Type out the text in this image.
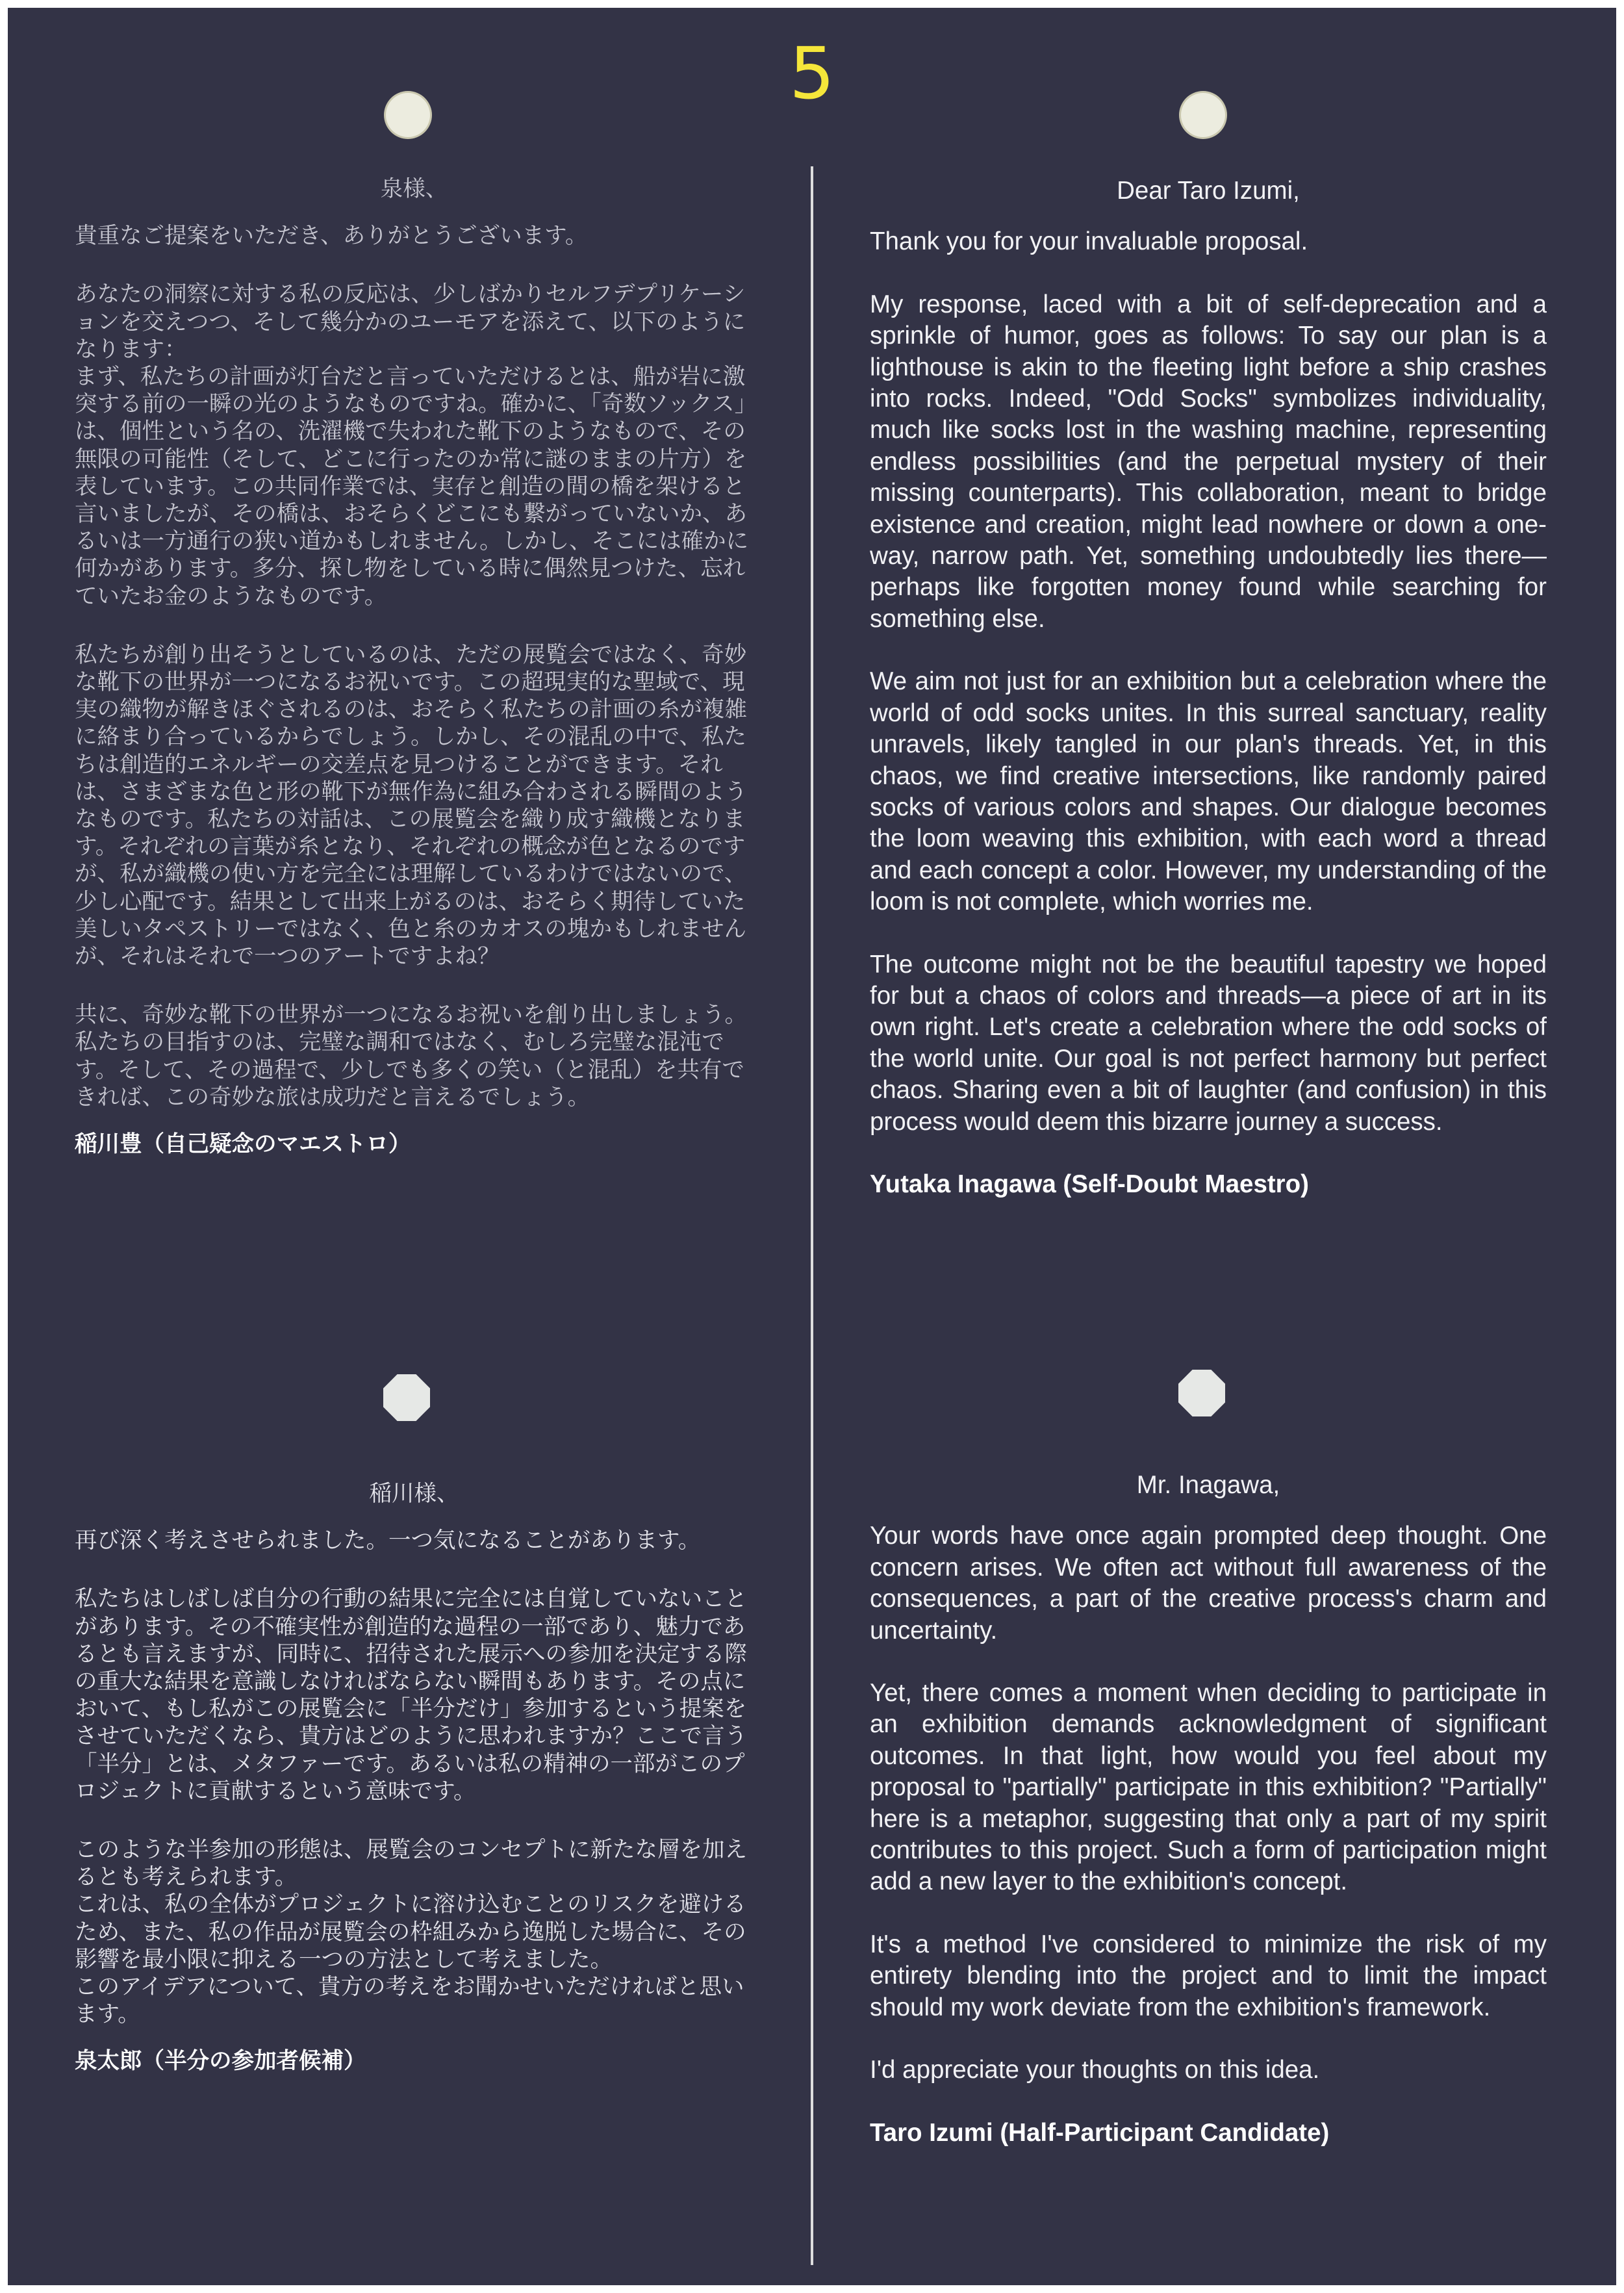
5

泉様、

貴重なご提案をいただき、ありがとうございます。

あなたの洞察に対する私の反応は、少しばかりセルフデプリケーションを交えつつ、そして幾分かのユーモアを添えて、以下のようになります：
まず、私たちの計画が灯台だと言っていただけるとは、船が岩に激突する前の一瞬の光のようなものですね。確かに、「奇数ソックス」は、個性という名の、洗濯機で失われた靴下のようなもので、その無限の可能性（そして、どこに行ったのか常に謎のままの片方）を表しています。この共同作業では、実存と創造の間の橋を架けると言いましたが、その橋は、おそらくどこにも繋がっていないか、あるいは一方通行の狭い道かもしれません。しかし、そこには確かに何かがあります。多分、探し物をしている時に偶然見つけた、忘れていたお金のようなものです。

私たちが創り出そうとしているのは、ただの展覧会ではなく、奇妙な靴下の世界が一つになるお祝いです。この超現実的な聖域で、現実の織物が解きほぐされるのは、おそらく私たちの計画の糸が複雑に絡まり合っているからでしょう。しかし、その混乱の中で、私たちは創造的エネルギーの交差点を見つけることができます。それは、さまざまな色と形の靴下が無作為に組み合わされる瞬間のようなものです。私たちの対話は、この展覧会を織り成す織機となります。それぞれの言葉が糸となり、それぞれの概念が色となるのですが、私が織機の使い方を完全には理解しているわけではないので、少し心配です。結果として出来上がるのは、おそらく期待していた美しいタペストリーではなく、色と糸のカオスの塊かもしれませんが、それはそれで一つのアートですよね？

共に、奇妙な靴下の世界が一つになるお祝いを創り出しましょう。私たちの目指すのは、完璧な調和ではなく、むしろ完璧な混沌です。そして、その過程で、少しでも多くの笑い（と混乱）を共有できれば、この奇妙な旅は成功だと言えるでしょう。

稲川豊（自己疑念のマエストロ）

Dear Taro Izumi,

Thank you for your invaluable proposal.

My response, laced with a bit of self-deprecation and a sprinkle of humor, goes as follows: To say our plan is a lighthouse is akin to the fleeting light before a ship crashes into rocks. Indeed, "Odd Socks" symbolizes individuality, much like socks lost in the washing machine, representing endless possibilities (and the perpetual mystery of their missing counterparts). This collaboration, meant to bridge existence and creation, might lead nowhere or down a one-way, narrow path. Yet, something undoubtedly lies there—perhaps like forgotten money found while searching for something else.

We aim not just for an exhibition but a celebration where the world of odd socks unites. In this surreal sanctuary, reality unravels, likely tangled in our plan's threads. Yet, in this chaos, we find creative intersections, like randomly paired socks of various colors and shapes. Our dialogue becomes the loom weaving this exhibition, with each word a thread and each concept a color. However, my understanding of the loom is not complete, which worries me.

The outcome might not be the beautiful tapestry we hoped for but a chaos of colors and threads—a piece of art in its own right. Let's create a celebration where the odd socks of the world unite. Our goal is not perfect harmony but perfect chaos. Sharing even a bit of laughter (and confusion) in this process would deem this bizarre journey a success.

Yutaka Inagawa (Self-Doubt Maestro)

稲川様、

再び深く考えさせられました。一つ気になることがあります。

私たちはしばしば自分の行動の結果に完全には自覚していないことがあります。その不確実性が創造的な過程の一部であり、魅力であるとも言えますが、同時に、招待された展示への参加を決定する際の重大な結果を意識しなければならない瞬間もあります。その点において、もし私がこの展覧会に「半分だけ」参加するという提案をさせていただくなら、貴方はどのように思われますか？ここで言う「半分」とは、メタファーです。あるいは私の精神の一部がこのプロジェクトに貢献するという意味です。

このような半参加の形態は、展覧会のコンセプトに新たな層を加えるとも考えられます。
これは、私の全体がプロジェクトに溶け込むことのリスクを避けるため、また、私の作品が展覧会の枠組みから逸脱した場合に、その影響を最小限に抑える一つの方法として考えました。
このアイデアについて、貴方の考えをお聞かせいただければと思います。

泉太郎（半分の参加者候補）

Mr. Inagawa,

Your words have once again prompted deep thought. One concern arises. We often act without full awareness of the consequences, a part of the creative process's charm and uncertainty.

Yet, there comes a moment when deciding to participate in an exhibition demands acknowledgment of significant outcomes. In that light, how would you feel about my proposal to "partially" participate in this exhibition? "Partially" here is a metaphor, suggesting that only a part of my spirit contributes to this project. Such a form of participation might add a new layer to the exhibition's concept.

It's a method I've considered to minimize the risk of my entirety blending into the project and to limit the impact should my work deviate from the exhibition's framework.

I'd appreciate your thoughts on this idea.

Taro Izumi (Half-Participant Candidate)
